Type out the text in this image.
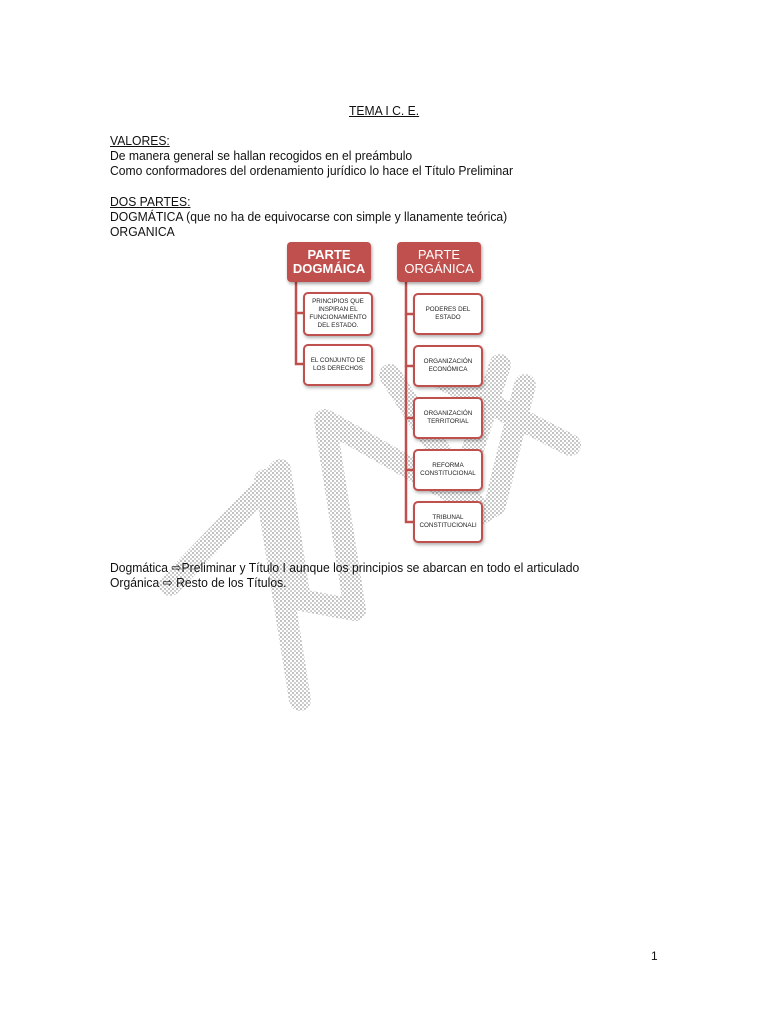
TEMA I C. E.
VALORES:
De manera general se hallan recogidos en el preámbulo
Como conformadores del ordenamiento jurídico lo hace el Título Preliminar
DOS PARTES:
DOGMÁTICA (que no ha de equivocarse con simple y llanamente teórica)
ORGANICA
PARTE DOGMÁICA
PARTE ORGÁNICA
PRINCIPIOS QUE INSPIRAN EL FUNCIONAMIENTO DEL ESTADO.
EL CONJUNTO DE LOS DERECHOS
PODERES DEL ESTADO
ORGANIZACIÓN ECONÓMICA
ORGANIZACIÓN TERRITORIAL
REFORMA CONSTITUCIONAL
TRIBUNAL CONSTITUCIONALl
Dogmática ⇨Preliminar y Título I aunque los principios se abarcan en todo el articulado
Orgánica ⇨ Resto de los Títulos.
1
